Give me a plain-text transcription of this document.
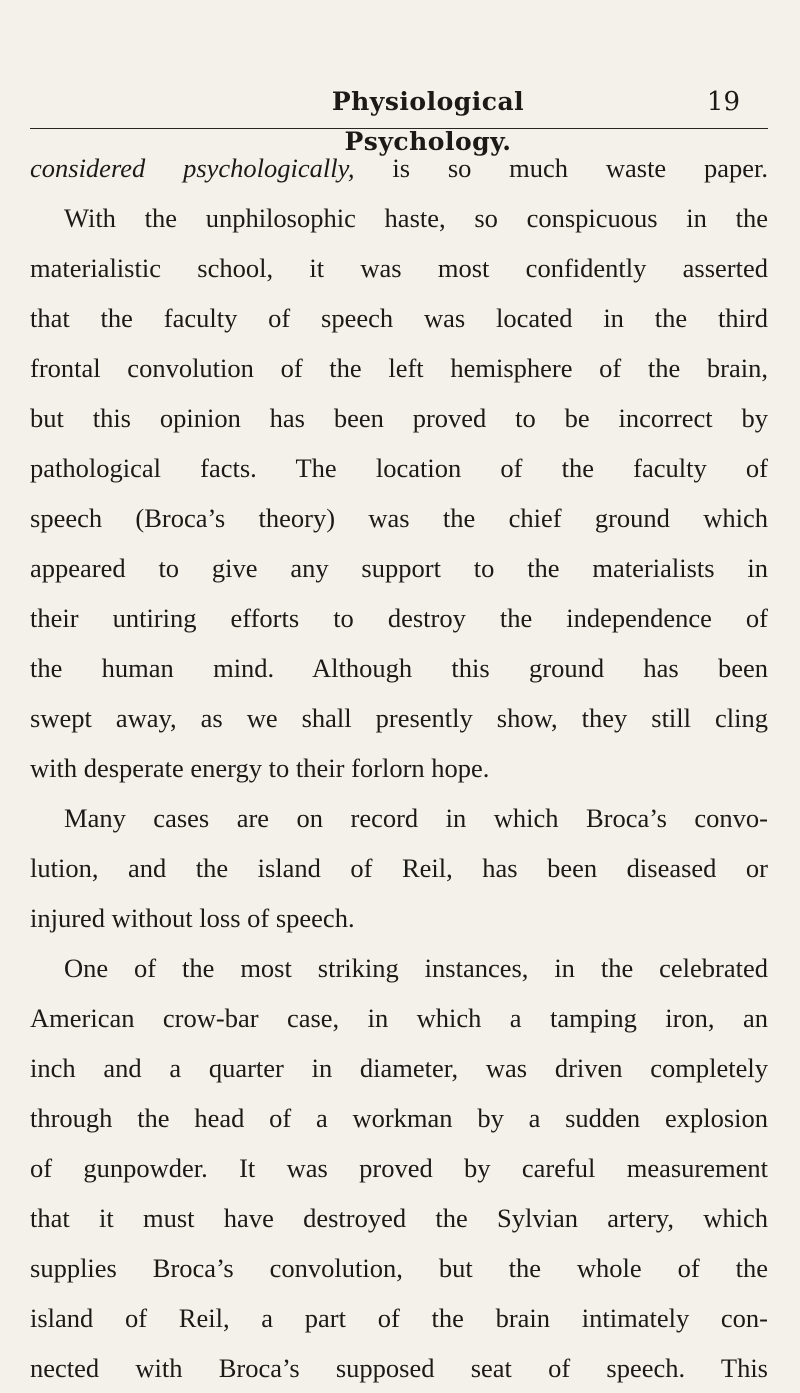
Physiological Psychology.
19
considered psychologically, is so much waste paper.
With the unphilosophic haste, so conspicuous in the
materialistic school, it was most confidently asserted
that the faculty of speech was located in the third
frontal convolution of the left hemisphere of the brain,
but this opinion has been proved to be incorrect by
pathological facts. The location of the faculty of
speech (Broca’s theory) was the chief ground which
appeared to give any support to the materialists in
their untiring efforts to destroy the independence of
the human mind. Although this ground has been
swept away, as we shall presently show, they still cling
with desperate energy to their forlorn hope.
Many cases are on record in which Broca’s convo-
lution, and the island of Reil, has been diseased or
injured without loss of speech.
One of the most striking instances, in the celebrated
American crow-bar case, in which a tamping iron, an
inch and a quarter in diameter, was driven completely
through the head of a workman by a sudden explosion
of gunpowder. It was proved by careful measurement
that it must have destroyed the Sylvian artery, which
supplies Broca’s convolution, but the whole of the
island of Reil, a part of the brain intimately con-
nected with Broca’s supposed seat of speech. This
